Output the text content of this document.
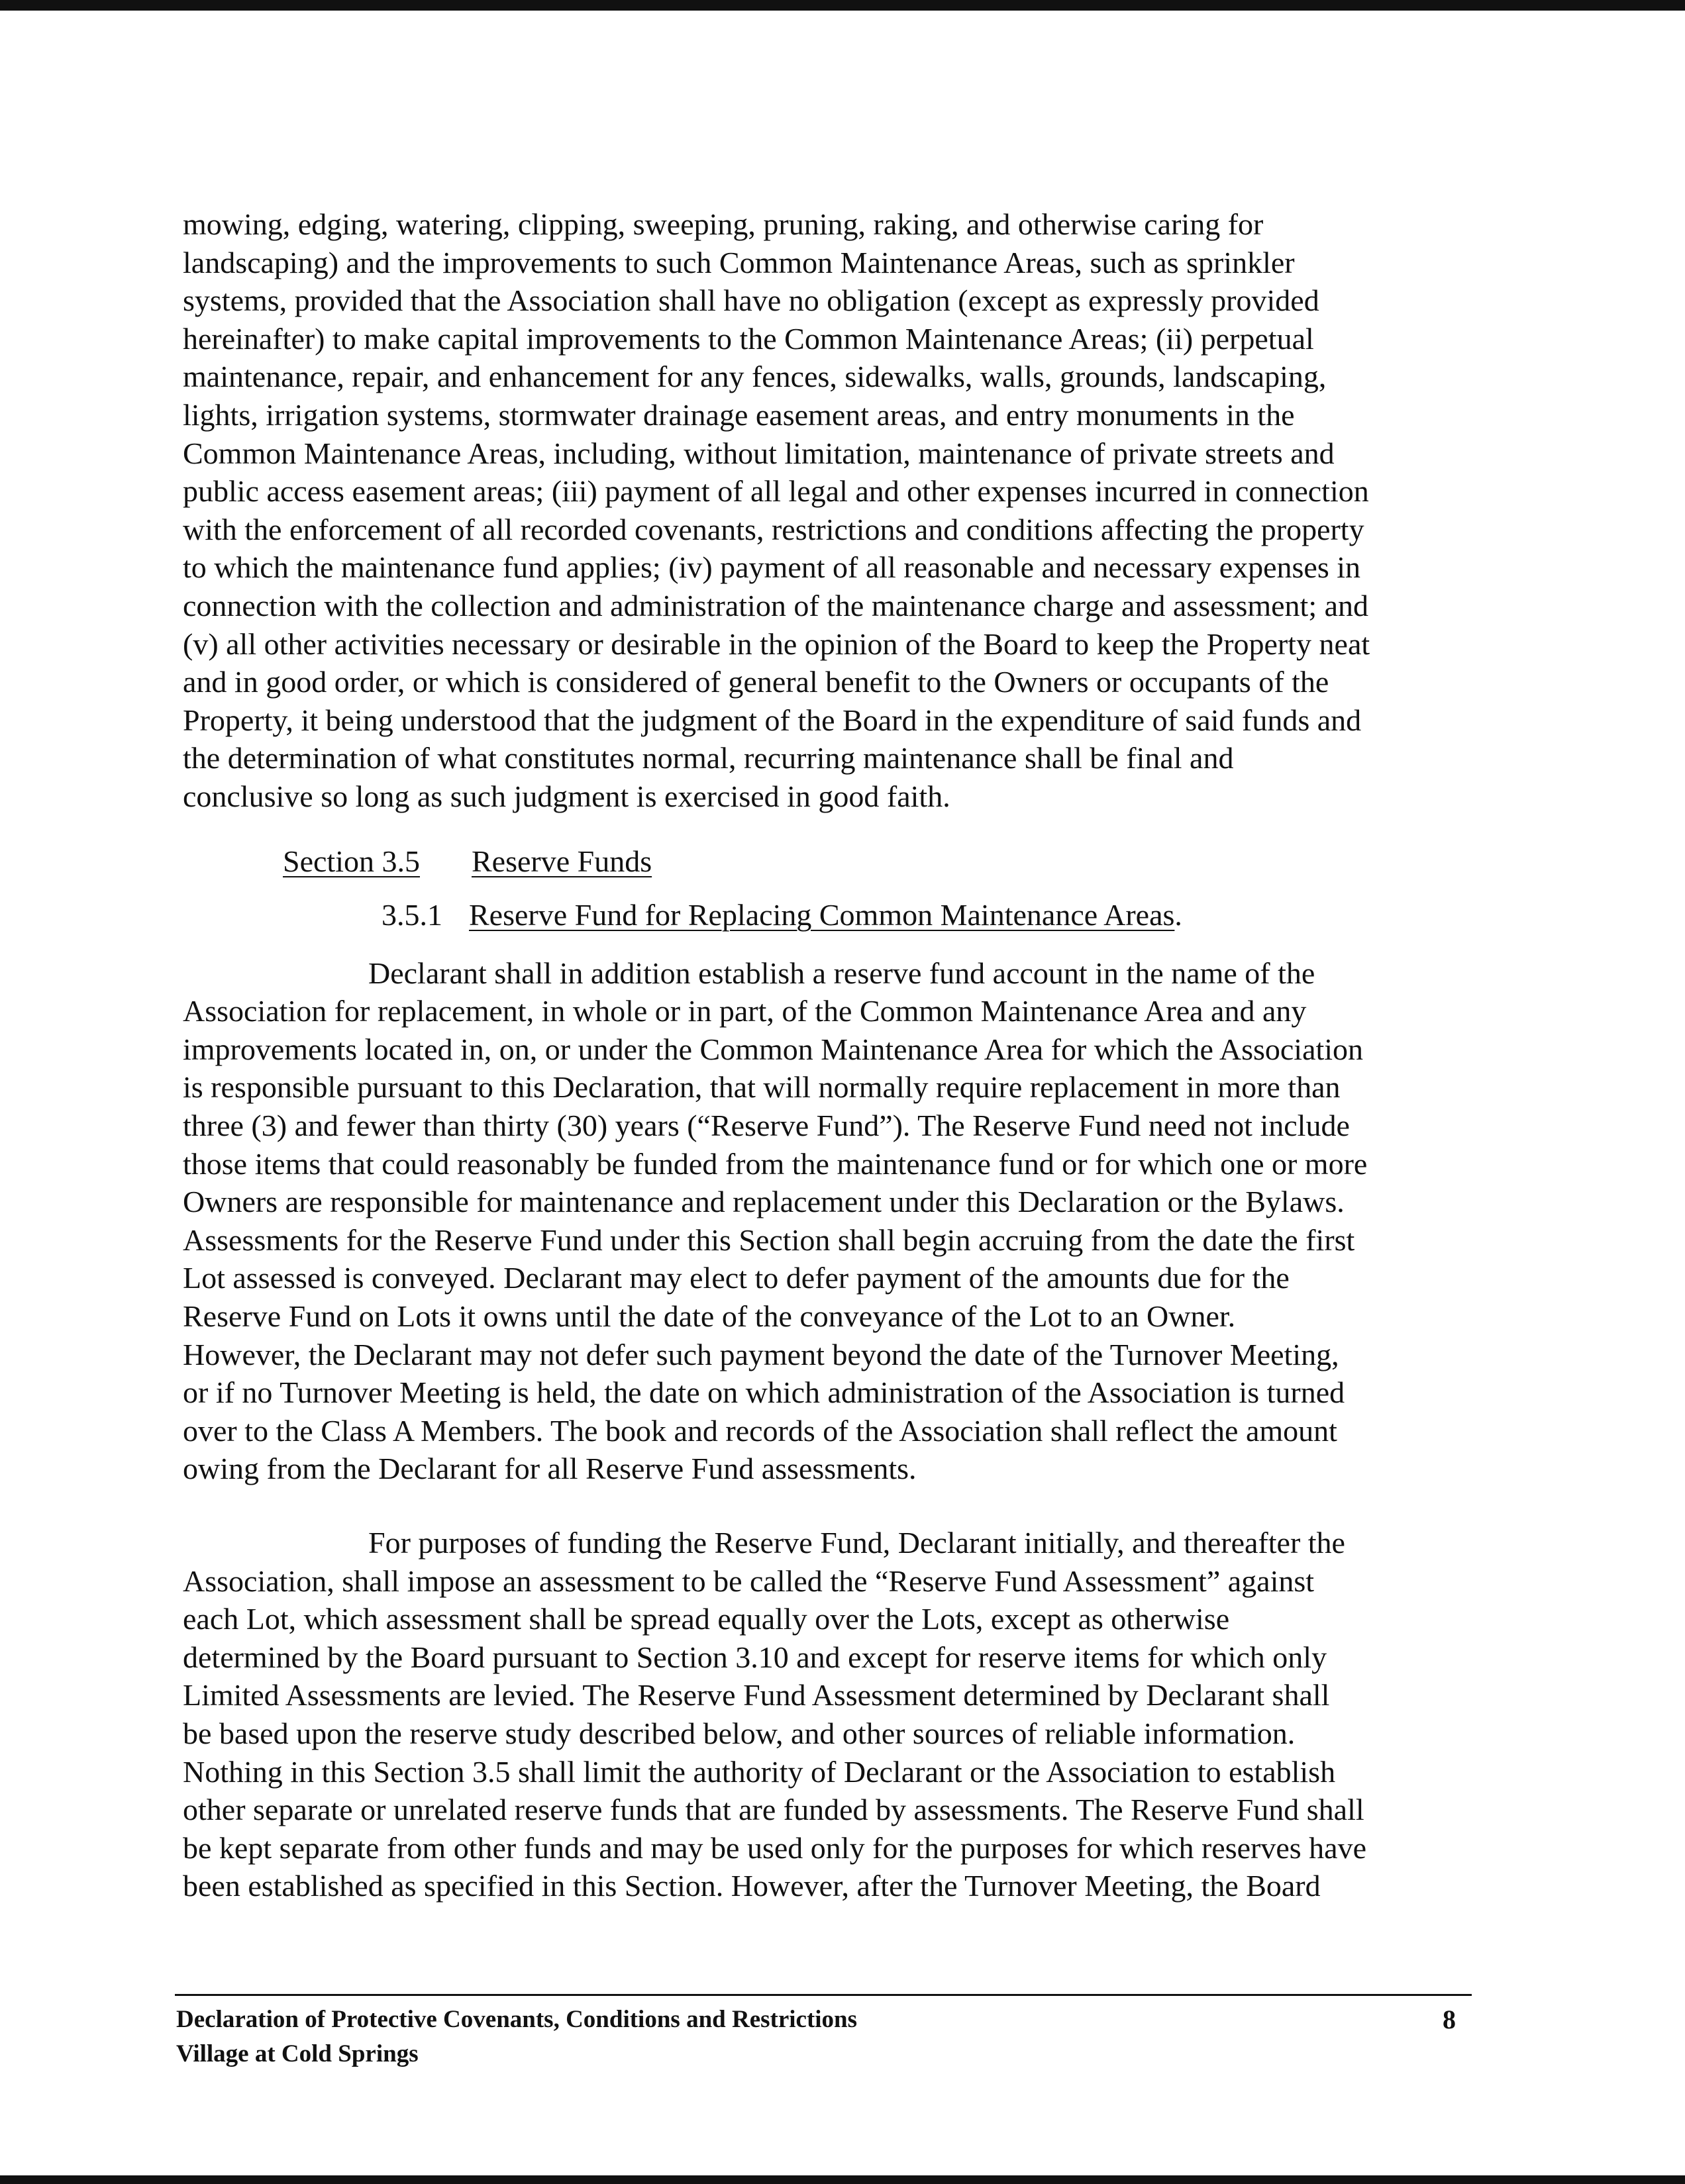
mowing, edging, watering, clipping, sweeping, pruning, raking, and otherwise caring for
landscaping) and the improvements to such Common Maintenance Areas, such as sprinkler
systems, provided that the Association shall have no obligation (except as expressly provided
hereinafter) to make capital improvements to the Common Maintenance Areas; (ii) perpetual
maintenance, repair, and enhancement for any fences, sidewalks, walls, grounds, landscaping,
lights, irrigation systems, stormwater drainage easement areas, and entry monuments in the
Common Maintenance Areas, including, without limitation, maintenance of private streets and
public access easement areas; (iii) payment of all legal and other expenses incurred in connection
with the enforcement of all recorded covenants, restrictions and conditions affecting the property
to which the maintenance fund applies; (iv) payment of all reasonable and necessary expenses in
connection with the collection and administration of the maintenance charge and assessment; and
(v) all other activities necessary or desirable in the opinion of the Board to keep the Property neat
and in good order, or which is considered of general benefit to the Owners or occupants of the
Property, it being understood that the judgment of the Board in the expenditure of said funds and
the determination of what constitutes normal, recurring maintenance shall be final and
conclusive so long as such judgment is exercised in good faith.

Section 3.5 Reserve Funds

3.5.1 Reserve Fund for Replacing Common Maintenance Areas.

Declarant shall in addition establish a reserve fund account in the name of the
Association for replacement, in whole or in part, of the Common Maintenance Area and any
improvements located in, on, or under the Common Maintenance Area for which the Association
is responsible pursuant to this Declaration, that will normally require replacement in more than
three (3) and fewer than thirty (30) years (“Reserve Fund”). The Reserve Fund need not include
those items that could reasonably be funded from the maintenance fund or for which one or more
Owners are responsible for maintenance and replacement under this Declaration or the Bylaws.
Assessments for the Reserve Fund under this Section shall begin accruing from the date the first
Lot assessed is conveyed. Declarant may elect to defer payment of the amounts due for the
Reserve Fund on Lots it owns until the date of the conveyance of the Lot to an Owner.
However, the Declarant may not defer such payment beyond the date of the Turnover Meeting,
or if no Turnover Meeting is held, the date on which administration of the Association is turned
over to the Class A Members. The book and records of the Association shall reflect the amount
owing from the Declarant for all Reserve Fund assessments.

For purposes of funding the Reserve Fund, Declarant initially, and thereafter the
Association, shall impose an assessment to be called the “Reserve Fund Assessment” against
each Lot, which assessment shall be spread equally over the Lots, except as otherwise
determined by the Board pursuant to Section 3.10 and except for reserve items for which only
Limited Assessments are levied. The Reserve Fund Assessment determined by Declarant shall
be based upon the reserve study described below, and other sources of reliable information.
Nothing in this Section 3.5 shall limit the authority of Declarant or the Association to establish
other separate or unrelated reserve funds that are funded by assessments. The Reserve Fund shall
be kept separate from other funds and may be used only for the purposes for which reserves have
been established as specified in this Section. However, after the Turnover Meeting, the Board

Declaration of Protective Covenants, Conditions and Restrictions
Village at Cold Springs
8
